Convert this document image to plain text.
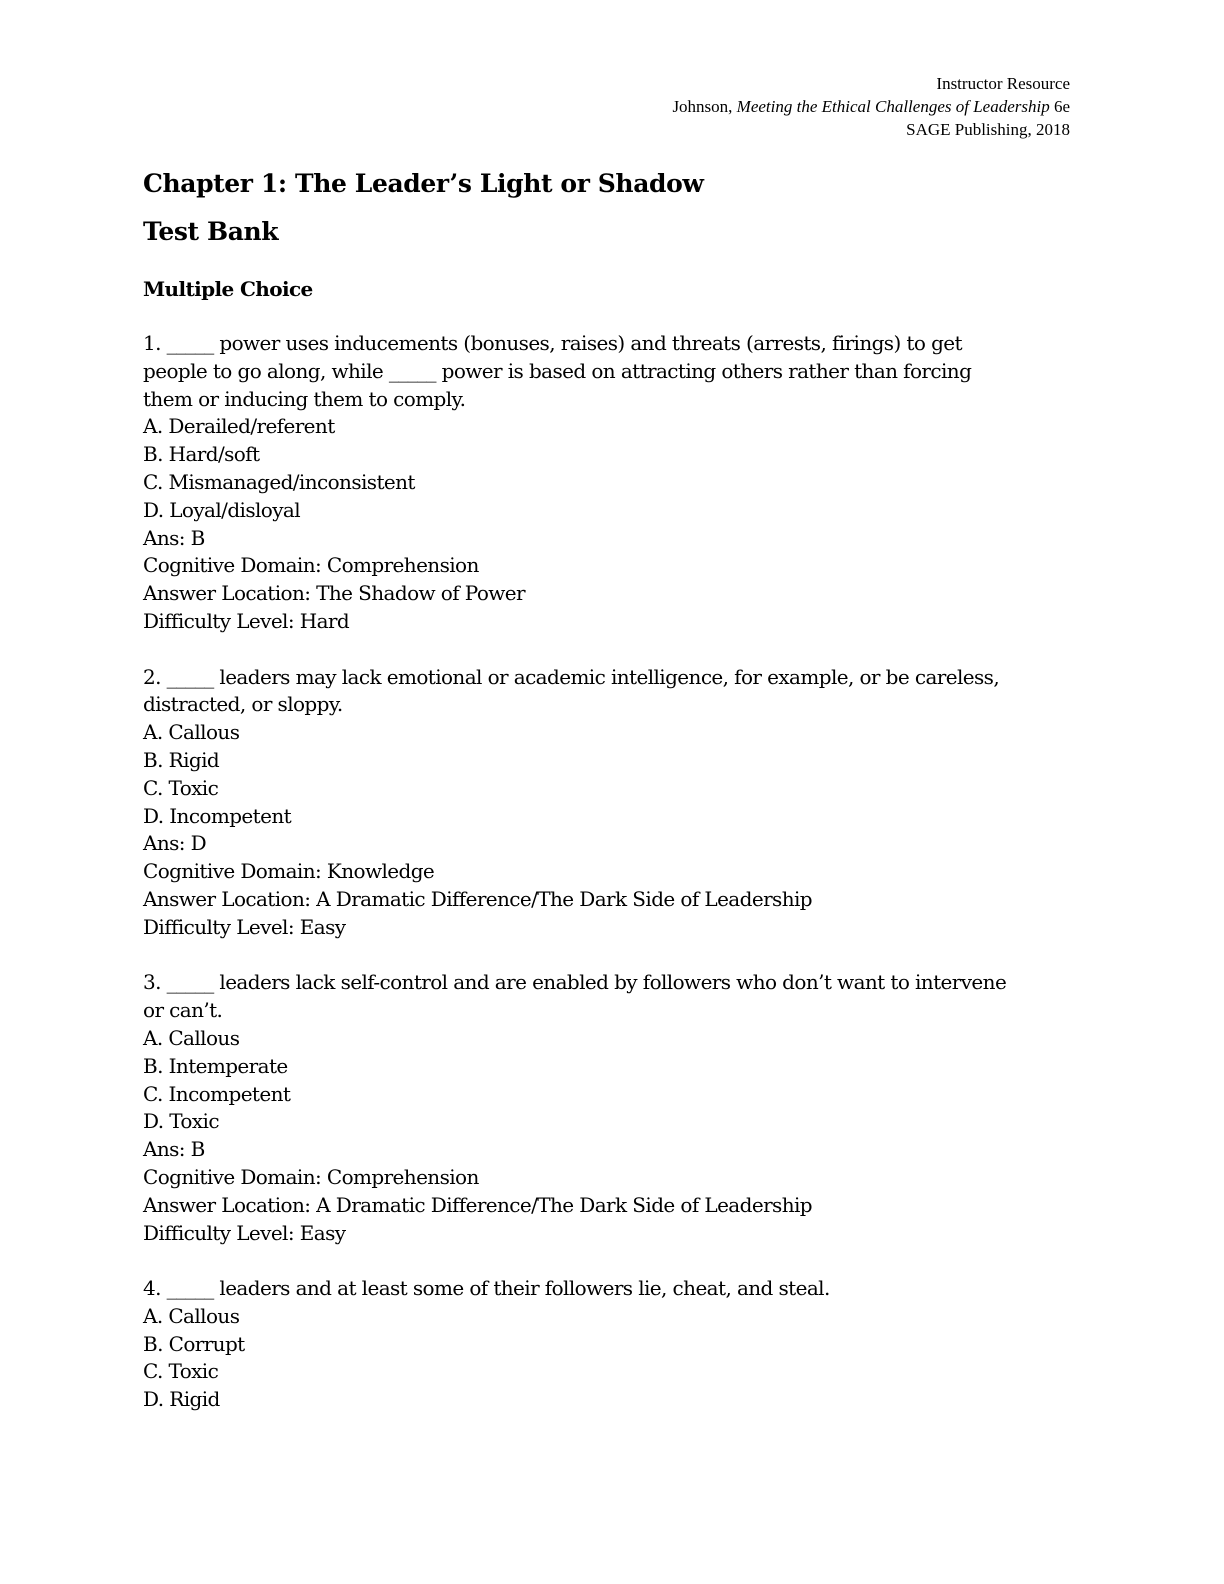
Instructor Resource
Johnson, Meeting the Ethical Challenges of Leadership 6e
SAGE Publishing, 2018
Chapter 1: The Leader’s Light or Shadow
Test Bank
Multiple Choice
1. _____ power uses inducements (bonuses, raises) and threats (arrests, firings) to get
people to go along, while _____ power is based on attracting others rather than forcing
them or inducing them to comply.
A. Derailed/referent
B. Hard/soft
C. Mismanaged/inconsistent
D. Loyal/disloyal
Ans: B
Cognitive Domain: Comprehension
Answer Location: The Shadow of Power
Difficulty Level: Hard
2. _____ leaders may lack emotional or academic intelligence, for example, or be careless,
distracted, or sloppy.
A. Callous
B. Rigid
C. Toxic
D. Incompetent
Ans: D
Cognitive Domain: Knowledge
Answer Location: A Dramatic Difference/The Dark Side of Leadership
Difficulty Level: Easy
3. _____ leaders lack self-control and are enabled by followers who don’t want to intervene
or can’t.
A. Callous
B. Intemperate
C. Incompetent
D. Toxic
Ans: B
Cognitive Domain: Comprehension
Answer Location: A Dramatic Difference/The Dark Side of Leadership
Difficulty Level: Easy
4. _____ leaders and at least some of their followers lie, cheat, and steal.
A. Callous
B. Corrupt
C. Toxic
D. Rigid
